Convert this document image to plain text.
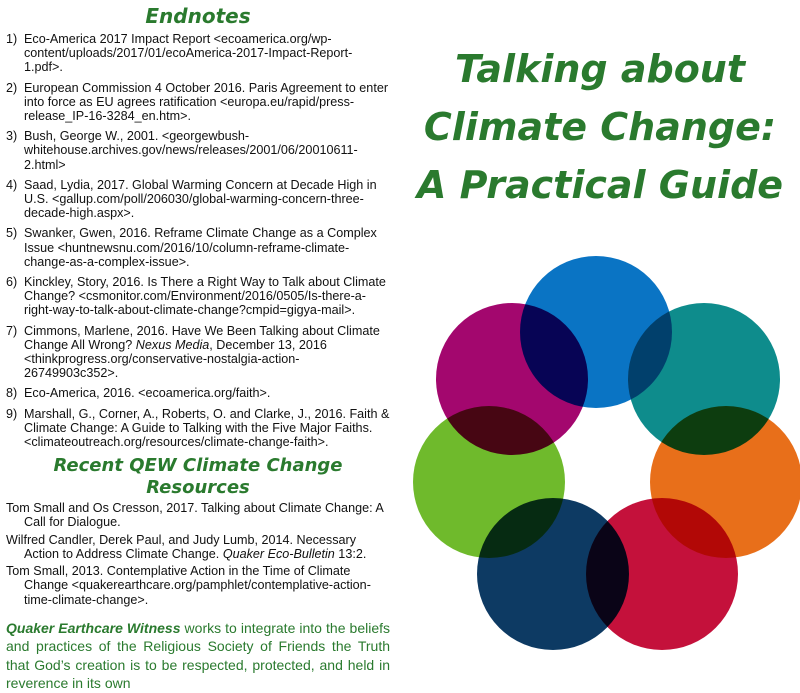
Endnotes
1) Eco-America 2017 Impact Report <ecoamerica.org/wp-content/uploads/2017/01/ecoAmerica-2017-Impact-Report-1.pdf>.
2) European Commission 4 October 2016. Paris Agreement to enter into force as EU agrees ratification <europa.eu/rapid/press-release_IP-16-3284_en.htm>.
3) Bush, George W., 2001. <georgewbush-whitehouse.archives.gov/news/releases/2001/06/20010611-2.html>
4) Saad, Lydia, 2017. Global Warming Concern at Decade High in U.S. <gallup.com/poll/206030/global-warming-concern-three-decade-high.aspx>.
5) Swanker, Gwen, 2016. Reframe Climate Change as a Complex Issue <huntnewsnu.com/2016/10/column-reframe-climate-change-as-a-complex-issue>.
6) Kinckley, Story, 2016. Is There a Right Way to Talk about Climate Change? <csmonitor.com/Environment/2016/0505/Is-there-a-right-way-to-talk-about-climate-change?cmpid=gigya-mail>.
7) Cimmons, Marlene, 2016. Have We Been Talking about Climate Change All Wrong? Nexus Media, December 13, 2016 <thinkprogress.org/conservative-nostalgia-action-26749903c352>.
8) Eco-America, 2016. <ecoamerica.org/faith>.
9) Marshall, G., Corner, A., Roberts, O. and Clarke, J., 2016. Faith & Climate Change: A Guide to Talking with the Five Major Faiths. <climateoutreach.org/resources/climate-change-faith>.
Recent QEW Climate Change Resources

Tom Small and Os Cresson, 2017. Talking about Climate Change: A Call for Dialogue.

Wilfred Candler, Derek Paul, and Judy Lumb, 2014. Necessary Action to Address Climate Change. Quaker Eco-Bulletin 13:2.

Tom Small, 2013. Contemplative Action in the Time of Climate Change <quakerearthcare.org/pamphlet/contemplative-action-time-climate-change>.

Quaker Earthcare Witness works to integrate into the beliefs and practices of the Religious Society of Friends the Truth that God’s creation is to be respected, protected, and held in reverence in its own
Talking about
Climate Change:
A Practical Guide
